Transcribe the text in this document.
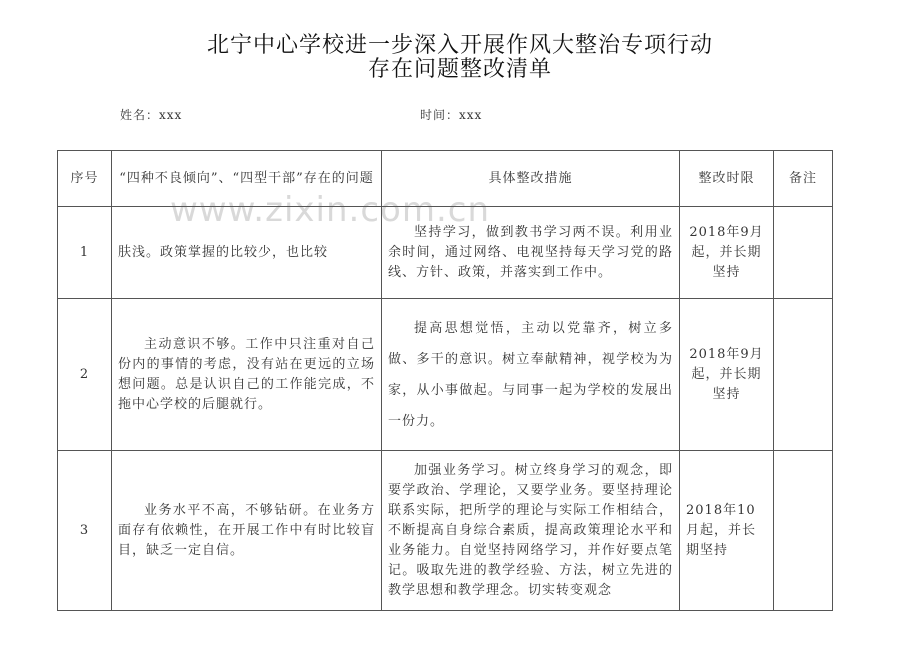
北宁中心学校进一步深入开展作风大整治专项行动
存在问题整改清单
姓名：xxx	时间：xxx
www.zixin.com.cn
序号	“四种不良倾向”、“四型干部”存在的问题	具体整改措施	整改时限	备注
1	肤浅。政策掌握的比较少，也比较	坚持学习，做到教书学习两不误。利用业余时间，通过网络、电视坚持每天学习党的路线、方针、政策，并落实到工作中。	2018年9月起，并长期坚持	
2	主动意识不够。工作中只注重对自己份内的事情的考虑，没有站在更远的立场想问题。总是认识自己的工作能完成，不拖中心学校的后腿就行。	提高思想觉悟，主动以党靠齐，树立多做、多干的意识。树立奉献精神，视学校为为家，从小事做起。与同事一起为学校的发展出一份力。	2018年9月起，并长期坚持	
3	业务水平不高，不够钻研。在业务方面存有依赖性，在开展工作中有时比较盲目，缺乏一定自信。	加强业务学习。树立终身学习的观念，即要学政治、学理论，又要学业务。要坚持理论联系实际，把所学的理论与实际工作相结合，不断提高自身综合素质，提高政策理论水平和业务能力。自觉坚持网络学习，并作好要点笔记。吸取先进的教学经验、方法，树立先进的教学思想和教学理念。切实转变观念	2018年10月起，并长期坚持	
